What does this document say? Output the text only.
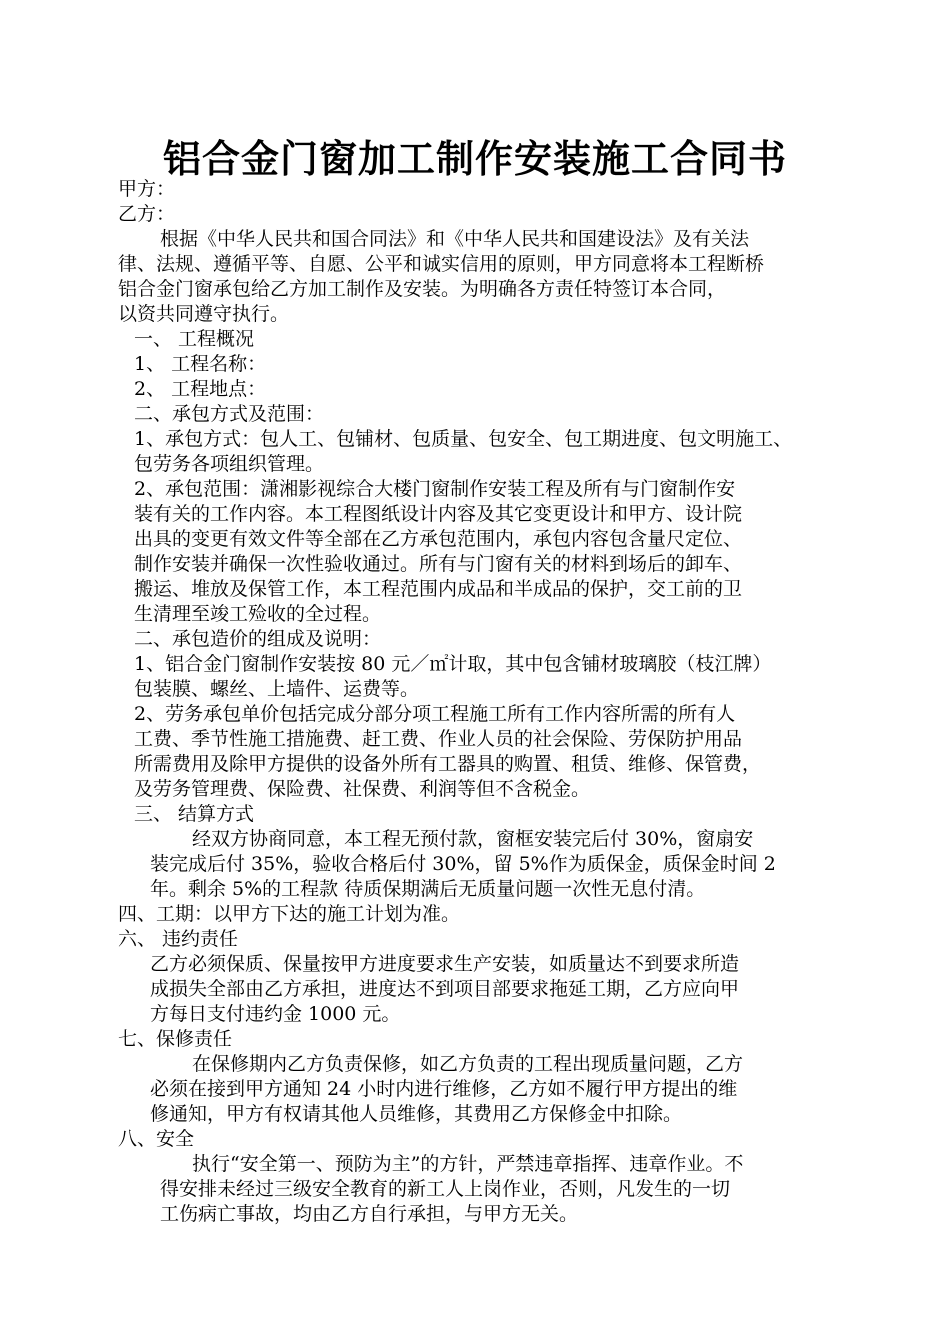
铝合金门窗加工制作安装施工合同书
甲方：
乙方：
根据《中华人民共和国合同法》和《中华人民共和国建设法》及有关法
律、法规、遵循平等、自愿、公平和诚实信用的原则，甲方同意将本工程断桥
铝合金门窗承包给乙方加工制作及安装。为明确各方责任特签订本合同，
以资共同遵守执行。
一、 工程概况
1、 工程名称：
2、 工程地点：
二、承包方式及范围：
1、承包方式：包人工、包铺材、包质量、包安全、包工期进度、包文明施工、
包劳务各项组织管理。
2、承包范围：潇湘影视综合大楼门窗制作安装工程及所有与门窗制作安
装有关的工作内容。本工程图纸设计内容及其它变更设计和甲方、设计院
出具的变更有效文件等全部在乙方承包范围内，承包内容包含量尺定位、
制作安装并确保一次性验收通过。所有与门窗有关的材料到场后的卸车、
搬运、堆放及保管工作，本工程范围内成品和半成品的保护，交工前的卫
生清理至竣工殓收的全过程。
二、承包造价的组成及说明：
1、铝合金门窗制作安装按 80 元／㎡计取，其中包含铺材玻璃胶（枝江牌）
包装膜、螺丝、上墙件、运费等。
2、劳务承包单价包括完成分部分项工程施工所有工作内容所需的所有人
工费、季节性施工措施费、赶工费、作业人员的社会保险、劳保防护用品
所需费用及除甲方提供的设备外所有工器具的购置、租赁、维修、保管费，
及劳务管理费、保险费、社保费、利润等但不含税金。
三、 结算方式
经双方协商同意，本工程无预付款，窗框安装完后付 30%，窗扇安
装完成后付 35%，验收合格后付 30%，留 5%作为质保金，质保金时间 2
年。剩余 5%的工程款 待质保期满后无质量问题一次性无息付清。
四、工期：以甲方下达的施工计划为准。
六、 违约责任
乙方必须保质、保量按甲方进度要求生产安装，如质量达不到要求所造
成损失全部由乙方承担，进度达不到项目部要求拖延工期，乙方应向甲
方每日支付违约金 1000 元。
七、保修责任
在保修期内乙方负责保修，如乙方负责的工程出现质量问题，乙方
必须在接到甲方通知 24 小时内进行维修，乙方如不履行甲方提出的维
修通知，甲方有权请其他人员维修，其费用乙方保修金中扣除。
八、安全
执行“安全第一、预防为主”的方针，严禁违章指挥、违章作业。不
得安排未经过三级安全教育的新工人上岗作业，否则，凡发生的一切
工伤病亡事故，均由乙方自行承担，与甲方无关。
